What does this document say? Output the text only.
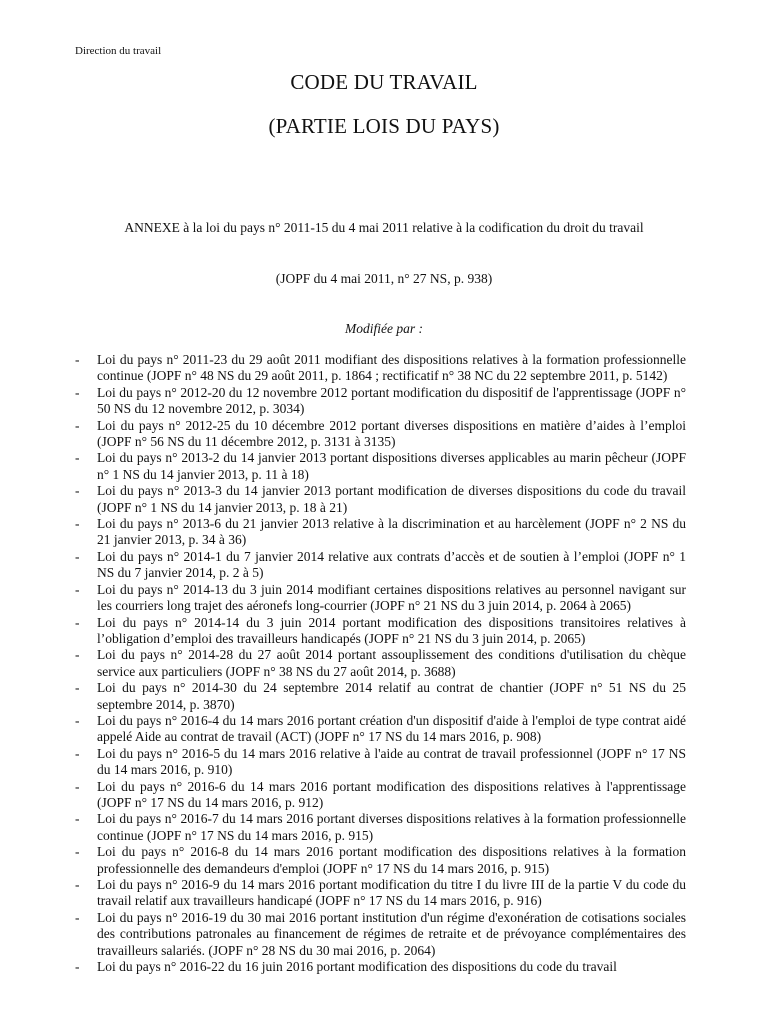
Direction du travail
CODE DU TRAVAIL
(PARTIE LOIS DU PAYS)
ANNEXE à la loi du pays n° 2011-15 du 4 mai 2011 relative à la codification du droit du travail
(JOPF du 4 mai 2011, n° 27 NS, p. 938)
Modifiée par :
- Loi du pays n° 2011-23 du 29 août 2011 modifiant des dispositions relatives à la formation professionnelle continue (JOPF n° 48 NS du 29 août 2011, p. 1864 ; rectificatif n° 38 NC du 22 septembre 2011, p. 5142)
- Loi du pays n° 2012-20 du 12 novembre 2012 portant modification du dispositif de l'apprentissage (JOPF n° 50 NS du 12 novembre 2012, p. 3034)
- Loi du pays n° 2012-25 du 10 décembre 2012 portant diverses dispositions en matière d’aides à l’emploi (JOPF n° 56 NS du 11 décembre 2012, p. 3131 à 3135)
- Loi du pays n° 2013-2 du 14 janvier 2013 portant dispositions diverses applicables au marin pêcheur (JOPF n° 1 NS du 14 janvier 2013, p. 11 à 18)
- Loi du pays n° 2013-3 du 14 janvier 2013 portant modification de diverses dispositions du code du travail (JOPF n° 1 NS du 14 janvier 2013, p. 18 à 21)
- Loi du pays n° 2013-6 du 21 janvier 2013 relative à la discrimination et au harcèlement (JOPF n° 2 NS du 21 janvier 2013, p. 34 à 36)
- Loi du pays n° 2014-1 du 7 janvier 2014 relative aux contrats d’accès et de soutien à l’emploi (JOPF n° 1 NS du 7 janvier 2014, p. 2 à 5)
- Loi du pays n° 2014-13 du 3 juin 2014 modifiant certaines dispositions relatives au personnel navigant sur les courriers long trajet des aéronefs long-courrier (JOPF n° 21 NS du 3 juin 2014, p. 2064 à 2065)
- Loi du pays n° 2014-14 du 3 juin 2014 portant modification des dispositions transitoires relatives à l’obligation d’emploi des travailleurs handicapés (JOPF n° 21 NS du 3 juin 2014, p. 2065)
- Loi du pays n° 2014-28 du 27 août 2014 portant assouplissement des conditions d'utilisation du chèque service aux particuliers (JOPF n° 38 NS du 27 août 2014, p. 3688)
- Loi du pays n° 2014-30 du 24 septembre 2014 relatif au contrat de chantier (JOPF n° 51 NS du 25 septembre 2014, p. 3870)
- Loi du pays n° 2016-4 du 14 mars 2016 portant création d'un dispositif d'aide à l'emploi de type contrat aidé appelé Aide au contrat de travail (ACT) (JOPF n° 17 NS du 14 mars 2016, p. 908)
- Loi du pays n° 2016-5 du 14 mars 2016 relative à l'aide au contrat de travail professionnel (JOPF n° 17 NS du 14 mars 2016, p. 910)
- Loi du pays n° 2016-6 du 14 mars 2016 portant modification des dispositions relatives à l'apprentissage (JOPF n° 17 NS du 14 mars 2016, p. 912)
- Loi du pays n° 2016-7 du 14 mars 2016 portant diverses dispositions relatives à la formation professionnelle continue (JOPF n° 17 NS du 14 mars 2016, p. 915)
- Loi du pays n° 2016-8 du 14 mars 2016 portant modification des dispositions relatives à la formation professionnelle des demandeurs d'emploi (JOPF n° 17 NS du 14 mars 2016, p. 915)
- Loi du pays n° 2016-9 du 14 mars 2016 portant modification du titre I du livre III de la partie V du code du travail relatif aux travailleurs handicapé (JOPF n° 17 NS du 14 mars 2016, p. 916)
- Loi du pays n° 2016-19 du 30 mai 2016 portant institution d'un régime d'exonération de cotisations sociales des contributions patronales au financement de régimes de retraite et de prévoyance complémentaires des travailleurs salariés. (JOPF n° 28 NS du 30 mai 2016, p. 2064)
- Loi du pays n° 2016-22 du 16 juin 2016 portant modification des dispositions du code du travail
